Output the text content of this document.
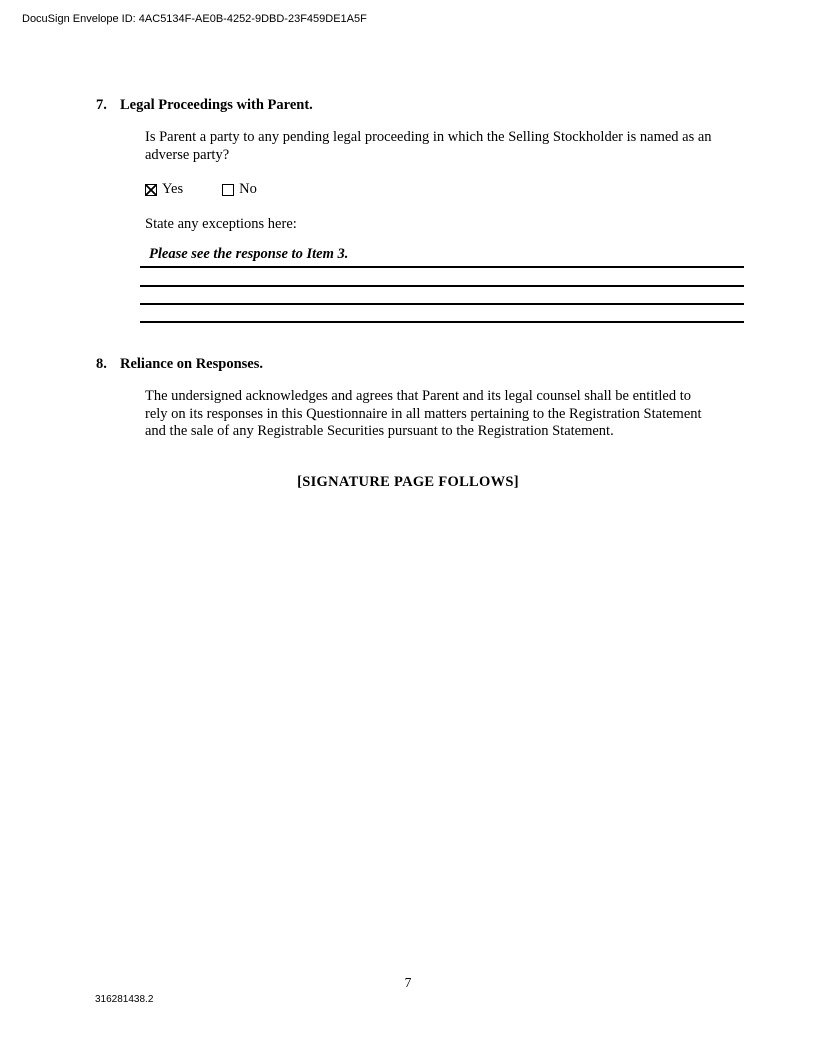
DocuSign Envelope ID: 4AC5134F-AE0B-4252-9DBD-23F459DE1A5F
7. Legal Proceedings with Parent.
Is Parent a party to any pending legal proceeding in which the Selling Stockholder is named as an adverse party?
Yes	No
State any exceptions here:
Please see the response to Item 3.
8. Reliance on Responses.
The undersigned acknowledges and agrees that Parent and its legal counsel shall be entitled to rely on its responses in this Questionnaire in all matters pertaining to the Registration Statement and the sale of any Registrable Securities pursuant to the Registration Statement.
[SIGNATURE PAGE FOLLOWS]
7
316281438.2
